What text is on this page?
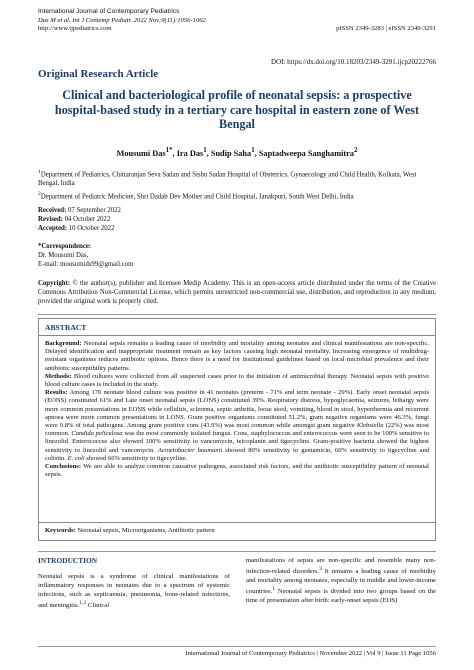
International Journal of Contemporary Pediatrics
Das M et al. Int J Contemp Pediatr. 2022 Nov;9(11):1056-1062
http://www.ijpediatrics.com	pISSN 2349-3283 | eISSN 2349-3291
DOI: https://dx.doi.org/10.18203/2349-3291.ijcp20222766
Original Research Article
Clinical and bacteriological profile of neonatal sepsis: a prospective hospital-based study in a tertiary care hospital in eastern zone of West Bengal
Mousumi Das$^{1*}$, Ira Das$^1$, Sudip Saha$^1$, Saptadweepa Sanghamitra$^2$

$^1$Department of Pediatrics, Chittaranjan Seva Sadan and Sishu Sadan Hospital of Obstetrics, Gynaecology and Child Health, Kolkata, West Bengal, India

$^2$Department of Pediatric Medicine, Shri Dadab Dev Mother and Child Hospital, Janakpuri, South West Delhi, India

Received: 07 September 2022
Revised: 04 October 2022
Accepted: 10 October 2022
*Correspondence:
Dr. Mousumi Das,
E-mail: mousumids99@gmail.com
Copyright: © the author(s), publisher and licensee Medip Academy. This is an open-access article distributed under the terms of the Creative Commons Attribution Non-Commercial License, which permits unrestricted non-commercial use, distribution, and reproduction in any medium, provided the original work is properly cited.
ABSTRACT

Background: Neonatal sepsis remains a leading cause of morbidity and mortality among neonates and clinical manifestations are non-specific. Delayed identification and inappropriate treatment remain as key factors causing high neonatal mortality. Increasing emergence of multidrug-resistant organisms reduces antibiotic options. Hence there is a need for institutional guidelines based on local microbial prevalence and their antibiotic susceptibility patterns.

Methods: Blood cultures were collected from all suspected cases prior to the initiation of antimicrobial therapy. Neonatal sepsis with positive blood culture cases is included in the study.

Results: Among 170 neonate blood culture was positive in 41 neonates (preterm - 71% and term neonate - 29%). Early onset neonatal sepsis (EONS) constituted 61% and Late onset neonatal sepsis (LONS) constituted 39%. Respiratory distress, hypoglycaemia, seizures, lethargy were more common presentations in EONS while cellulitis, sclerema, septic arthritis, loose stool, vomiting, blood in stool, hyperthermia and recurrent apnoea were more common presentations in LONS. Gram positive organisms constituted 51.2%, gram negative organisms were 46.3%, fungi were 9.8% of total pathogens. Among gram positive cons (43.9%) was most common while amongst gram negative Klebsiella (22%) was most common. Candida peliculosa was the most commonly isolated fungus. Cons, staphylococcus and enterococcus were seen to be 100% sensitive to linezolid. Enterococcus also showed 100% sensitivity to vancomycin, teicoplanin and tigecycline. Gram-positive bacteria showed the highest sensitivity to linezolid and vancomycin. Acinetobacter baumanii showed 80% sensitivity to gentamicin, 60% sensitivity to tigecycline and colistin. E. coli showed 66% sensitivity to tigecycline.

Conclusions: We are able to analyze common causative pathogens, associated risk factors, and the antibiotic susceptibility pattern of neonatal sepsis.

Keywords: Neonatal sepsis, Microorganisms, Antibiotic pattern
INTRODUCTION

Neonatal sepsis is a syndrome of clinical manifestations of inflammatory responses in neonates due to a spectrum of systemic infections, such as septicaemia, pneumonia, bone-related infections, and meningitis.$^{1,2}$ Clinical

manifestations of sepsis are non-specific and resemble many non-infection-related disorders.$^3$ It remains a leading cause of morbidity and mortality among neonates, especially in middle and lower-income countries.$^1$ Neonatal sepsis is divided into two groups based on the time of presentation after birth: early-onset sepsis (EOS)

International Journal of Contemporary Pediatrics | November 2022 | Vol 9 | Issue 11 Page 1056
